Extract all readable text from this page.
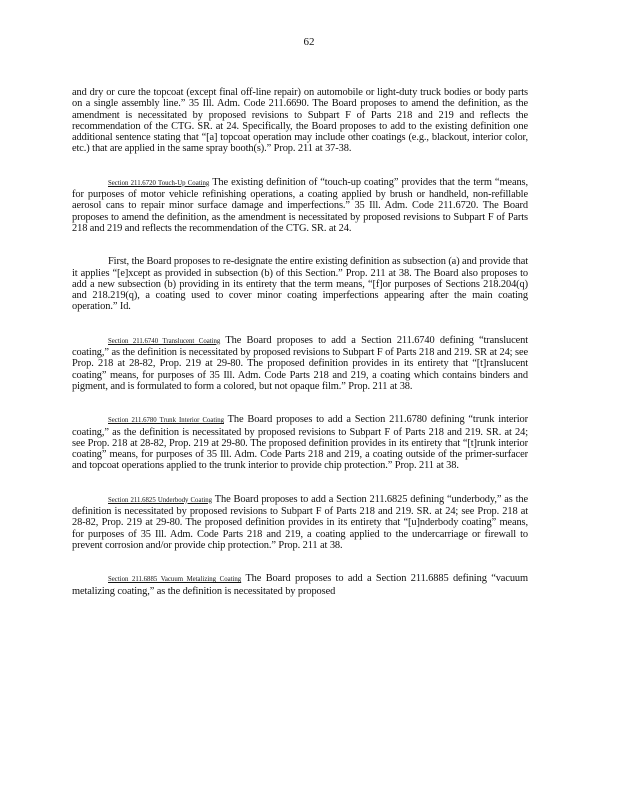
62

and dry or cure the topcoat (except final off-line repair) on automobile or light-duty truck bodies or body parts on a single assembly line.” 35 Ill. Adm. Code 211.6690. The Board proposes to amend the definition, as the amendment is necessitated by proposed revisions to Subpart F of Parts 218 and 219 and reflects the recommendation of the CTG. SR. at 24. Specifically, the Board proposes to add to the existing definition one additional sentence stating that “[a] topcoat operation may include other coatings (e.g., blackout, interior color, etc.) that are applied in the same spray booth(s).” Prop. 211 at 37-38.

Section 211.6720 Touch-Up Coating The existing definition of “touch-up coating” provides that the term “means, for purposes of motor vehicle refinishing operations, a coating applied by brush or handheld, non-refillable aerosol cans to repair minor surface damage and imperfections.” 35 Ill. Adm. Code 211.6720. The Board proposes to amend the definition, as the amendment is necessitated by proposed revisions to Subpart F of Parts 218 and 219 and reflects the recommendation of the CTG. SR. at 24.

First, the Board proposes to re-designate the entire existing definition as subsection (a) and provide that it applies “[e]xcept as provided in subsection (b) of this Section.” Prop. 211 at 38. The Board also proposes to add a new subsection (b) providing in its entirety that the term means, “[f]or purposes of Sections 218.204(q) and 218.219(q), a coating used to cover minor coating imperfections appearing after the main coating operation.” Id.

Section 211.6740 Translucent Coating The Board proposes to add a Section 211.6740 defining “translucent coating,” as the definition is necessitated by proposed revisions to Subpart F of Parts 218 and 219. SR at 24; see Prop. 218 at 28-82, Prop. 219 at 29-80. The proposed definition provides in its entirety that “[t]ranslucent coating” means, for purposes of 35 Ill. Adm. Code Parts 218 and 219, a coating which contains binders and pigment, and is formulated to form a colored, but not opaque film.” Prop. 211 at 38.

Section 211.6780 Trunk Interior Coating The Board proposes to add a Section 211.6780 defining “trunk interior coating,” as the definition is necessitated by proposed revisions to Subpart F of Parts 218 and 219. SR. at 24; see Prop. 218 at 28-82, Prop. 219 at 29-80. The proposed definition provides in its entirety that “[t]runk interior coating” means, for purposes of 35 Ill. Adm. Code Parts 218 and 219, a coating outside of the primer-surfacer and topcoat operations applied to the trunk interior to provide chip protection.” Prop. 211 at 38.

Section 211.6825 Underbody Coating The Board proposes to add a Section 211.6825 defining “underbody,” as the definition is necessitated by proposed revisions to Subpart F of Parts 218 and 219. SR. at 24; see Prop. 218 at 28-82, Prop. 219 at 29-80. The proposed definition provides in its entirety that “[u]nderbody coating” means, for purposes of 35 Ill. Adm. Code Parts 218 and 219, a coating applied to the undercarriage or firewall to prevent corrosion and/or provide chip protection.” Prop. 211 at 38.

Section 211.6885 Vacuum Metalizing Coating The Board proposes to add a Section 211.6885 defining “vacuum metalizing coating,” as the definition is necessitated by proposed
